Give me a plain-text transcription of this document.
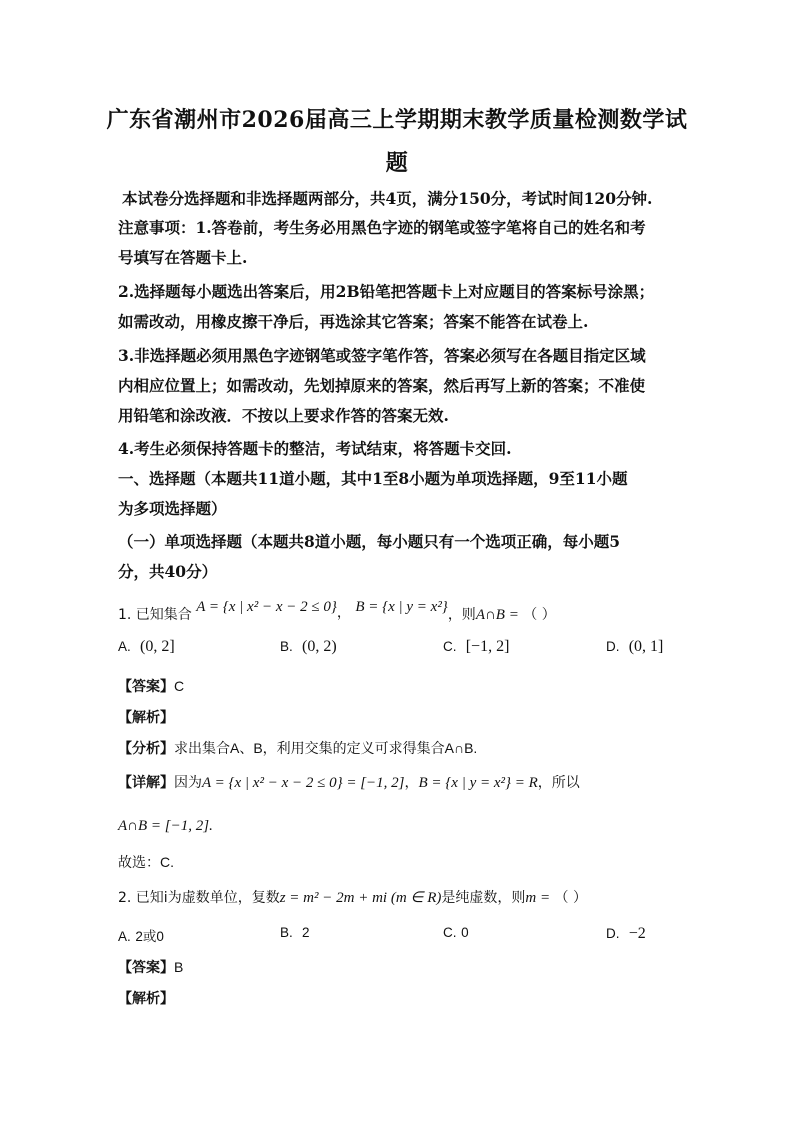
广东省潮州市2026届高三上学期期末教学质量检测数学试
题
本试卷分选择题和非选择题两部分，共4页，满分150分，考试时间120分钟.
注意事项：1.答卷前，考生务必用黑色字迹的钢笔或签字笔将自己的姓名和考
号填写在答题卡上.
2.选择题每小题选出答案后，用2B铅笔把答题卡上对应题目的答案标号涂黑；
如需改动，用橡皮擦干净后，再选涂其它答案；答案不能答在试卷上.
3.非选择题必须用黑色字迹钢笔或签字笔作答，答案必须写在各题目指定区域
内相应位置上；如需改动，先划掉原来的答案，然后再写上新的答案；不准使
用铅笔和涂改液．不按以上要求作答的答案无效.
4.考生必须保持答题卡的整洁，考试结束，将答题卡交回.
一、选择题（本题共11道小题，其中1至8小题为单项选择题，9至11小题
为多项选择题）
（一）单项选择题（本题共8道小题，每小题只有一个选项正确，每小题5
分，共40分）
1. 已知集合 A = {x | x² − x − 2 ≤ 0}， B = {x | y = x²}，则A∩B = （ ）
A. (0, 2]	B. (0, 2)	C. [−1, 2]	D. (0, 1]
【答案】C
【解析】
【分析】求出集合A、B，利用交集的定义可求得集合A∩B.
【详解】因为A = {x | x² − x − 2 ≤ 0} = [−1, 2]，B = {x | y = x²} = R，所以
A∩B = [−1, 2].
故选：C.
2. 已知i为虚数单位，复数z = m² − 2m + mi (m ∈ R)是纯虚数，则m = （ ）
A. 2或0	B. 2	C. 0	D. −2
【答案】B
【解析】
